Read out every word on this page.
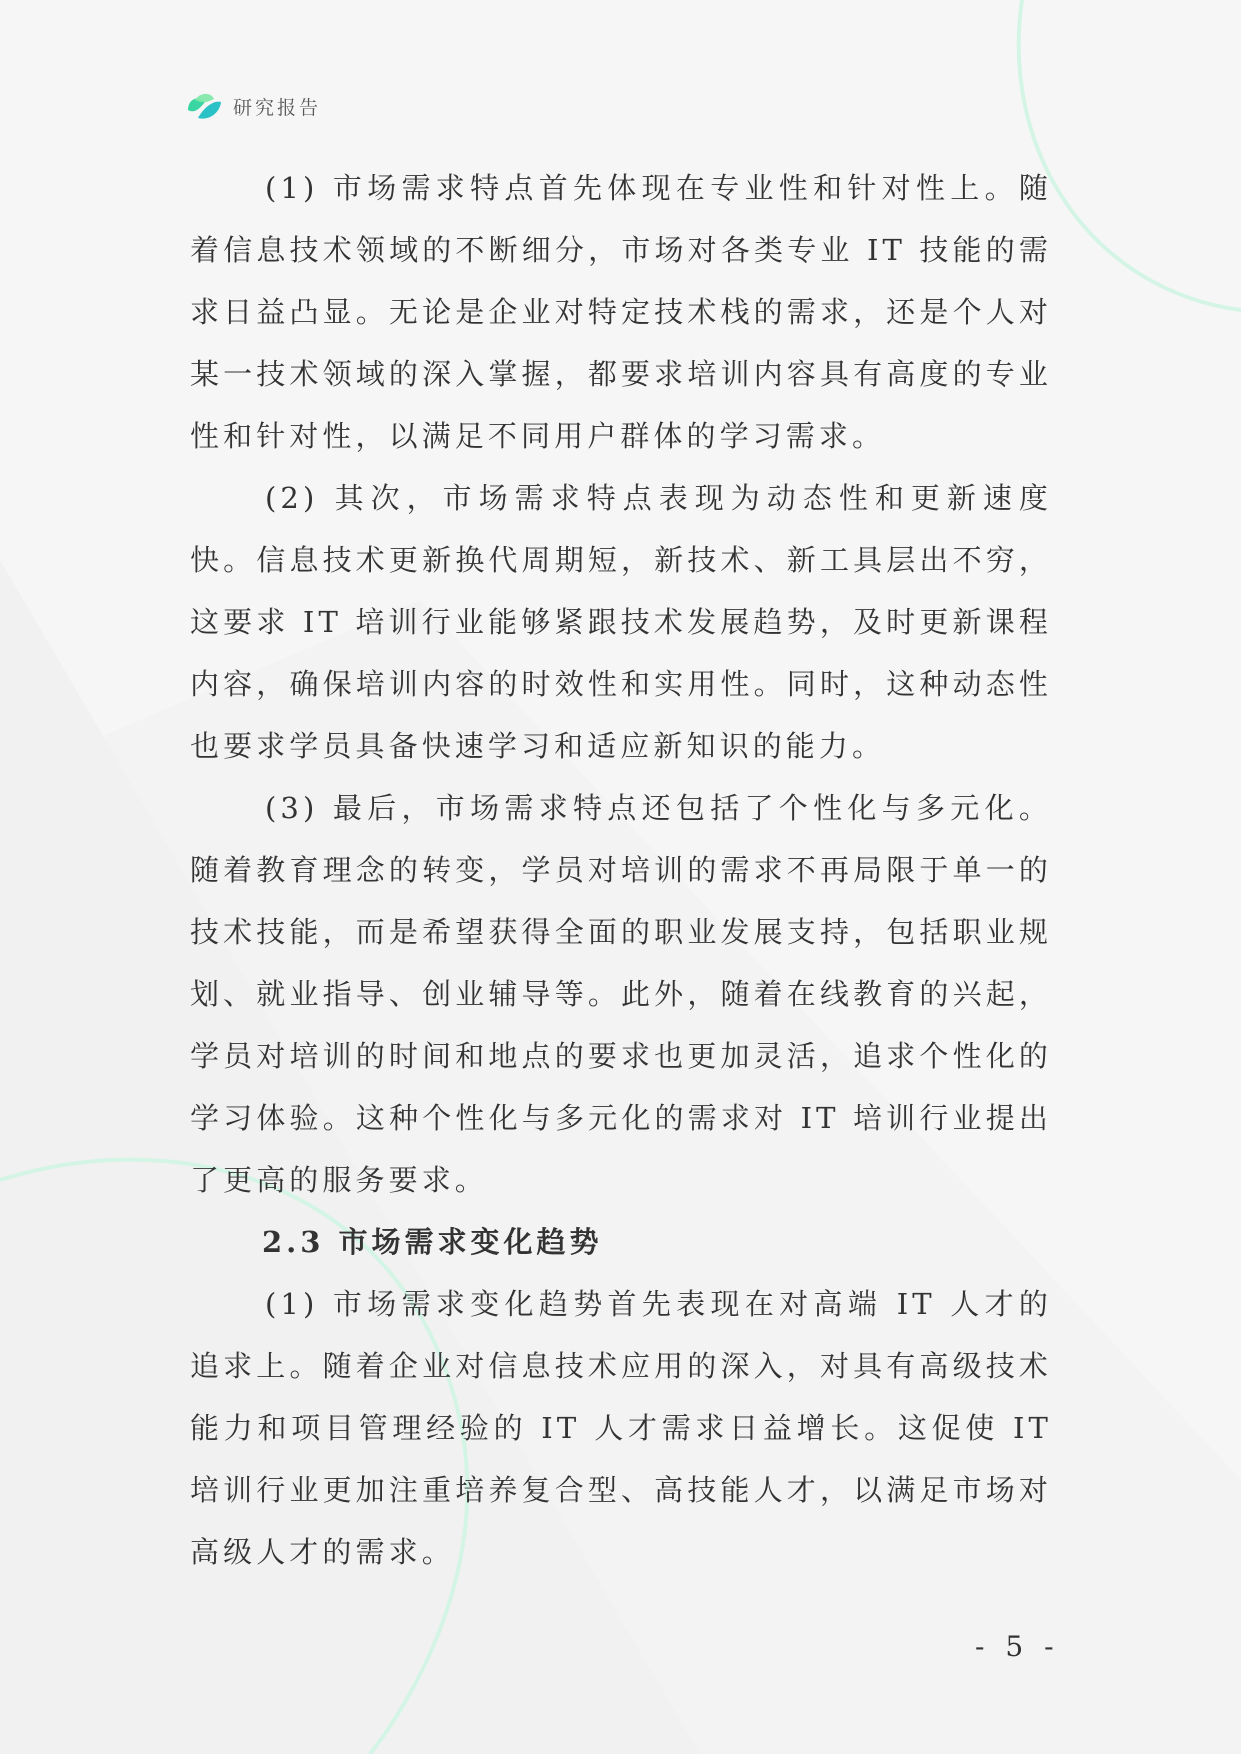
研究报告

(1) 市场需求特点首先体现在专业性和针对性上。随着信息技术领域的不断细分，市场对各类专业 IT 技能的需求日益凸显。无论是企业对特定技术栈的需求，还是个人对某一技术领域的深入掌握，都要求培训内容具有高度的专业性和针对性，以满足不同用户群体的学习需求。

(2) 其次，市场需求特点表现为动态性和更新速度快。信息技术更新换代周期短，新技术、新工具层出不穷，这要求 IT 培训行业能够紧跟技术发展趋势，及时更新课程内容，确保培训内容的时效性和实用性。同时，这种动态性也要求学员具备快速学习和适应新知识的能力。

(3) 最后，市场需求特点还包括了个性化与多元化。随着教育理念的转变，学员对培训的需求不再局限于单一的技术技能，而是希望获得全面的职业发展支持，包括职业规划、就业指导、创业辅导等。此外，随着在线教育的兴起，学员对培训的时间和地点的要求也更加灵活，追求个性化的学习体验。这种个性化与多元化的需求对 IT 培训行业提出了更高的服务要求。

2.3 市场需求变化趋势

(1) 市场需求变化趋势首先表现在对高端 IT 人才的追求上。随着企业对信息技术应用的深入，对具有高级技术能力和项目管理经验的 IT 人才需求日益增长。这促使 IT 培训行业更加注重培养复合型、高技能人才，以满足市场对高级人才的需求。

- 5 -
